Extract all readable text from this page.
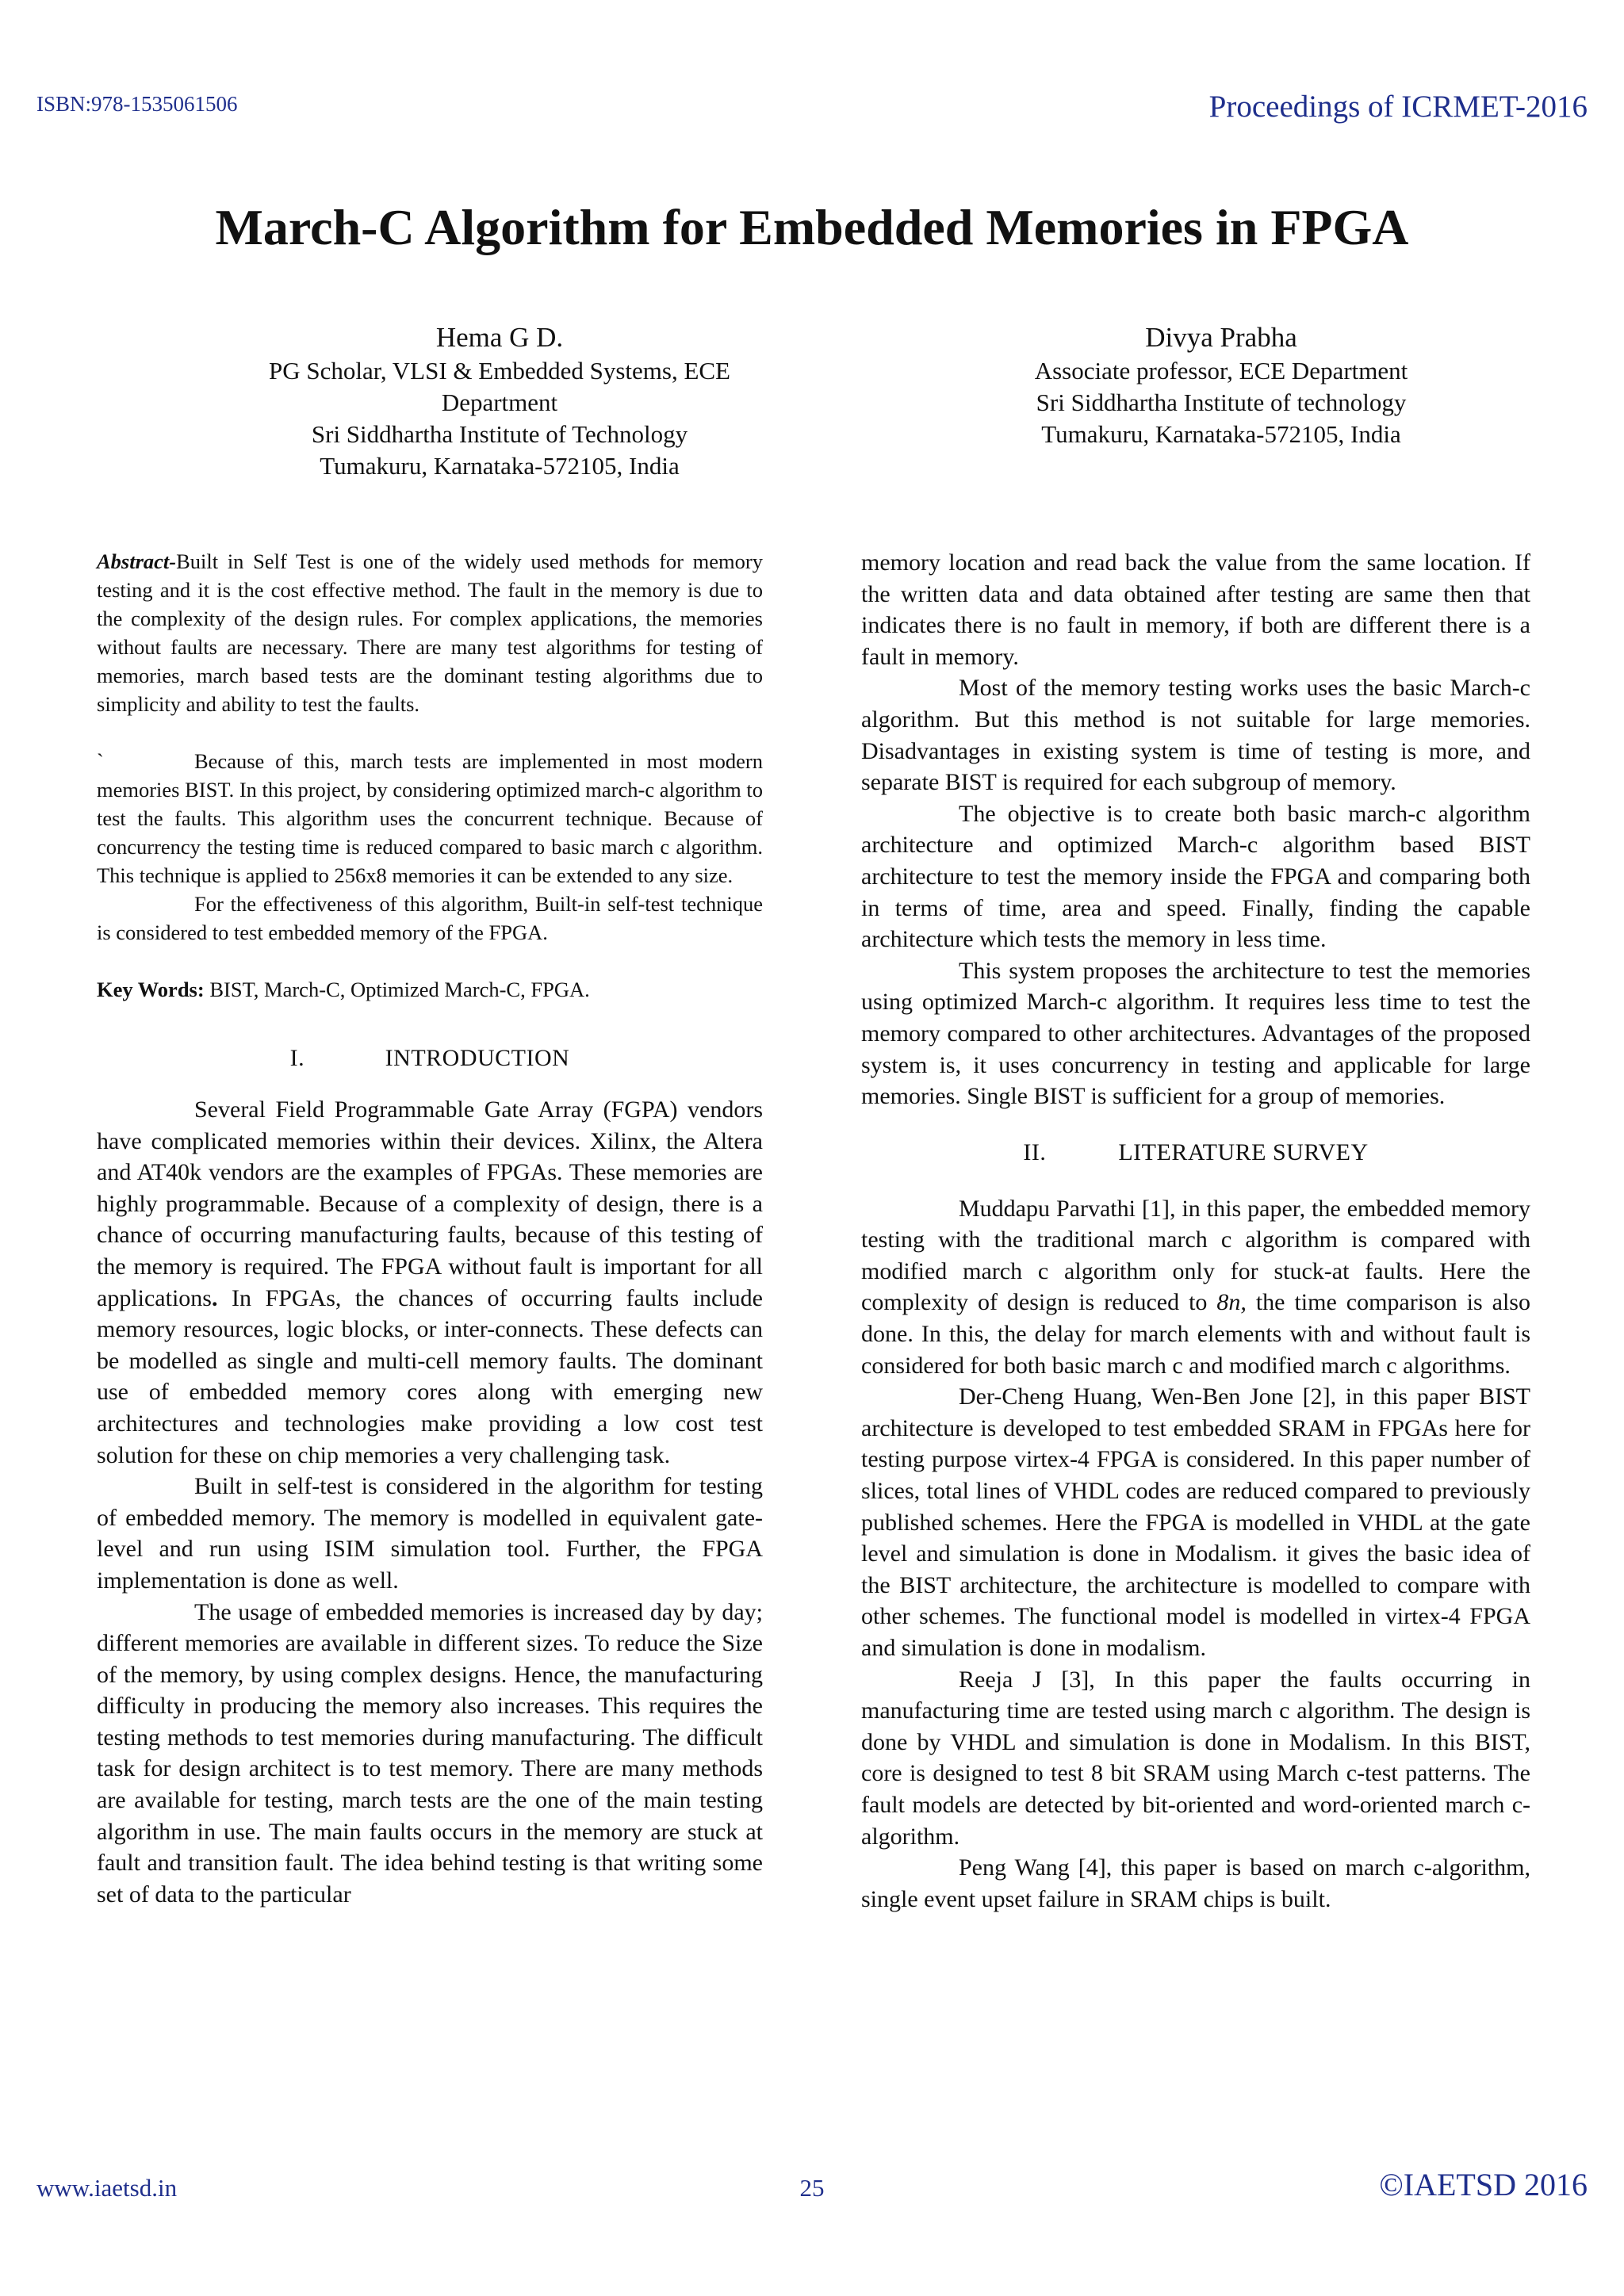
ISBN:978-1535061506	Proceedings of ICRMET-2016
March-C Algorithm for Embedded Memories in FPGA
Hema G D.
PG Scholar, VLSI & Embedded Systems, ECE
Department
Sri Siddhartha Institute of Technology
Tumakuru, Karnataka-572105, India
Divya Prabha
Associate professor, ECE Department
Sri Siddhartha Institute of technology
Tumakuru, Karnataka-572105, India

Abstract-Built in Self Test is one of the widely used methods for memory testing and it is the cost effective method. The fault in the memory is due to the complexity of the design rules. For complex applications, the memories without faults are necessary. There are many test algorithms for testing of memories, march based tests are the dominant testing algorithms due to simplicity and ability to test the faults.

`	Because of this, march tests are implemented in most modern memories BIST. In this project, by considering optimized march-c algorithm to test the faults. This algorithm uses the concurrent technique. Because of concurrency the testing time is reduced compared to basic march c algorithm. This technique is applied to 256x8 memories it can be extended to any size.

For the effectiveness of this algorithm, Built-in self-test technique is considered to test embedded memory of the FPGA.

Key Words: BIST, March-C, Optimized March-C, FPGA.

I.	INTRODUCTION

Several Field Programmable Gate Array (FGPA) vendors have complicated memories within their devices. Xilinx, the Altera and AT40k vendors are the examples of FPGAs. These memories are highly programmable. Because of a complexity of design, there is a chance of occurring manufacturing faults, because of this testing of the memory is required. The FPGA without fault is important for all applications. In FPGAs, the chances of occurring faults include memory resources, logic blocks, or inter-connects. These defects can be modelled as single and multi-cell memory faults. The dominant use of embedded memory cores along with emerging new architectures and technologies make providing a low cost test solution for these on chip memories a very challenging task.

Built in self-test is considered in the algorithm for testing of embedded memory. The memory is modelled in equivalent gate-level and run using ISIM simulation tool. Further, the FPGA implementation is done as well.

The usage of embedded memories is increased day by day; different memories are available in different sizes. To reduce the Size of the memory, by using complex designs. Hence, the manufacturing difficulty in producing the memory also increases. This requires the testing methods to test memories during manufacturing. The difficult task for design architect is to test memory. There are many methods are available for testing, march tests are the one of the main testing algorithm in use. The main faults occurs in the memory are stuck at fault and transition fault. The idea behind testing is that writing some set of data to the particular

memory location and read back the value from the same location. If the written data and data obtained after testing are same then that indicates there is no fault in memory, if both are different there is a fault in memory.

Most of the memory testing works uses the basic March-c algorithm. But this method is not suitable for large memories. Disadvantages in existing system is time of testing is more, and separate BIST is required for each subgroup of memory.

The objective is to create both basic march-c algorithm architecture and optimized March-c algorithm based BIST architecture to test the memory inside the FPGA and comparing both in terms of time, area and speed. Finally, finding the capable architecture which tests the memory in less time.

This system proposes the architecture to test the memories using optimized March-c algorithm. It requires less time to test the memory compared to other architectures. Advantages of the proposed system is, it uses concurrency in testing and applicable for large memories. Single BIST is sufficient for a group of memories.

II.	LITERATURE SURVEY

Muddapu Parvathi [1], in this paper, the embedded memory testing with the traditional march c algorithm is compared with modified march c algorithm only for stuck-at faults. Here the complexity of design is reduced to 8n, the time comparison is also done. In this, the delay for march elements with and without fault is considered for both basic march c and modified march c algorithms.

Der-Cheng Huang, Wen-Ben Jone [2], in this paper BIST architecture is developed to test embedded SRAM in FPGAs here for testing purpose virtex-4 FPGA is considered. In this paper number of slices, total lines of VHDL codes are reduced compared to previously published schemes. Here the FPGA is modelled in VHDL at the gate level and simulation is done in Modalism. it gives the basic idea of the BIST architecture, the architecture is modelled to compare with other schemes. The functional model is modelled in virtex-4 FPGA and simulation is done in modalism.

Reeja J [3], In this paper the faults occurring in manufacturing time are tested using march c algorithm. The design is done by VHDL and simulation is done in Modalism. In this BIST, core is designed to test 8 bit SRAM using March c-test patterns. The fault models are detected by bit-oriented and word-oriented march c- algorithm.

Peng Wang [4], this paper is based on march c-algorithm, single event upset failure in SRAM chips is built.

www.iaetsd.in	25	©IAETSD 2016
